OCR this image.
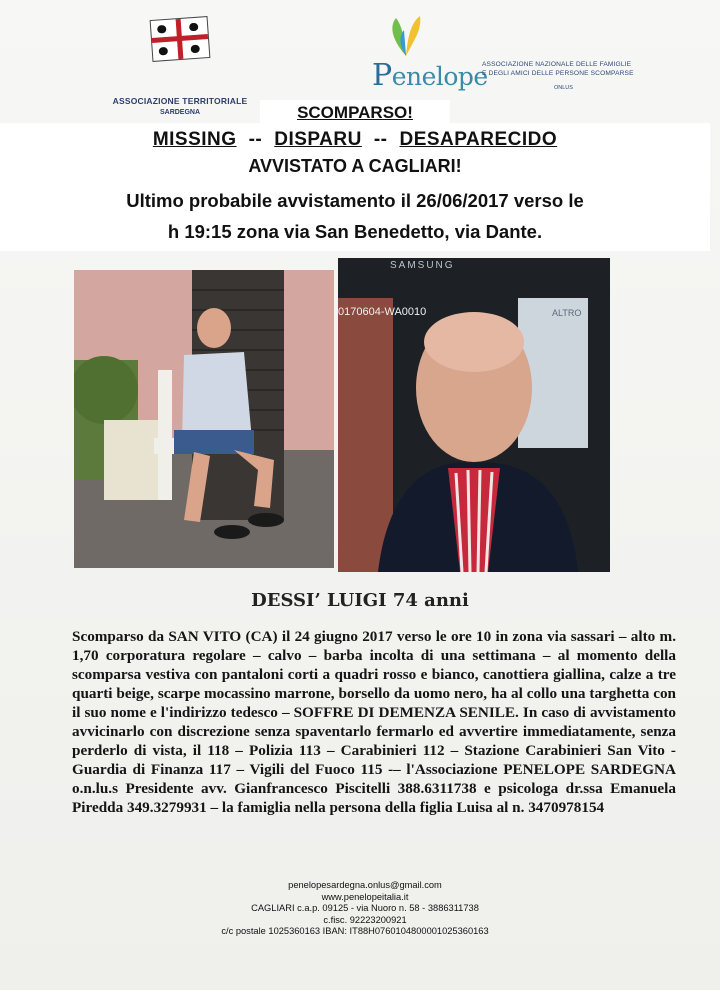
ASSOCIAZIONE TERRITORIALE
SARDEGNA
Penelope
ASSOCIAZIONE NAZIONALE DELLE FAMIGLIE
E DEGLI AMICI DELLE PERSONE SCOMPARSE
ONLUS
MISSING -- DISPARU -- DESAPARECIDO
AVVISTATO A CAGLIARI!
Ultimo probabile avvistamento il 26/06/2017 verso le
h 19:15 zona via San Benedetto, via Dante.
SCOMPARSO!
SAMSUNG
0170604-WA0010	ALTRO
DESSI’ LUIGI 74 anni
Scomparso da SAN VITO (CA) il 24 giugno 2017 verso le ore 10 in zona via sassari – alto m. 1,70 corporatura regolare – calvo – barba incolta di una settimana – al momento della scomparsa vestiva con pantaloni corti a quadri rosso e bianco, canottiera giallina, calze a tre quarti beige, scarpe mocassino marrone, borsello da uomo nero, ha al collo una targhetta con il suo nome e l'indirizzo tedesco – SOFFRE DI DEMENZA SENILE. In caso di avvistamento avvicinarlo con discrezione senza spaventarlo fermarlo ed avvertire immediatamente, senza perderlo di vista, il 118 – Polizia 113 – Carabinieri 112 – Stazione Carabinieri San Vito - Guardia di Finanza 117 – Vigili del Fuoco 115 -– l'Associazione PENELOPE SARDEGNA o.n.lu.s Presidente avv. Gianfrancesco Piscitelli 388.6311738 e psicologa dr.ssa Emanuela Piredda 349.3279931 – la famiglia nella persona della figlia Luisa al n. 3470978154
penelopesardegna.onlus@gmail.com
www.penelopeitalia.it
CAGLIARI c.a.p. 09125 - via Nuoro n. 58 - 3886311738
c.fisc. 92223200921
c/c postale 1025360163 IBAN: IT88H0760104800001025360163
